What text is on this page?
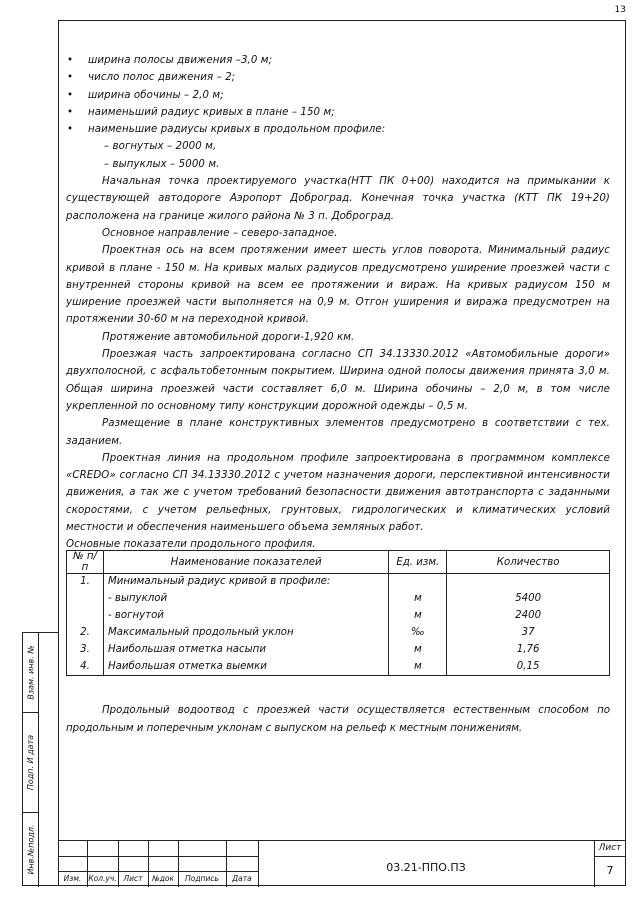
13
• ширина полосы движения –3,0 м;
• число полос движения – 2;
• ширина обочины – 2,0 м;
• наименьший радиус кривых в плане – 150 м;
• наименьшие радиусы кривых в продольном профиле:
– вогнутых – 2000 м,
– выпуклых – 5000 м.

Начальная точка проектируемого участка(НТТ ПК 0+00) находится на примыкании к существующей автодороге Аэропорт Доброград. Конечная точка участка (КТТ ПК 19+20) расположена на границе жилого района № 3 п. Доброград.

Основное направление – северо-западное.

Проектная ось на всем протяжении имеет шесть углов поворота. Минимальный радиус кривой в плане - 150 м. На кривых малых радиусов предусмотрено уширение проезжей части с внутренней стороны кривой на всем ее протяжении и вираж. На кривых радиусом 150 м уширение проезжей части выполняется на 0,9 м. Отгон уширения и виража предусмотрен на протяжении 30-60 м на переходной кривой.

Протяжение автомобильной дороги-1,920 км.

Проезжая часть запроектирована согласно СП 34.13330.2012 «Автомобильные дороги» двухполосной, с асфальтобетонным покрытием. Ширина одной полосы движения принята 3,0 м. Общая ширина проезжей части составляет 6,0 м. Ширина обочины – 2,0 м, в том числе укрепленной по основному типу конструкции дорожной одежды – 0,5 м.

Размещение в плане конструктивных элементов предусмотрено в соответствии с тех. заданием.

Проектная линия на продольном профиле запроектирована в программном комплексе «CREDO» согласно СП 34.13330.2012 с учетом назначения дороги, перспективной интенсивности движения, а так же с учетом требований безопасности движения автотранспорта с заданными скоростями, с учетом рельефных, грунтовых, гидрологических и климатических условий местности и обеспечения наименьшего объема земляных работ.

Основные показатели продольного профиля.

№ п/п	Наименование показателей	Ед. изм.	Количество
1.	Минимальный радиус кривой в профиле:		
	- выпуклой	м	5400
	- вогнутой	м	2400
2.	Максимальный продольный уклон	‰	37
3.	Наибольшая отметка насыпи	м	1,76
4.	Наибольшая отметка выемки	м	0,15
Продольный водоотвод с проезжей части осуществляется естественным способом по продольным и поперечным уклонам с выпуском на рельеф к местным понижениям.
Взам. инв. №
Подп. И дата
Инв.№подл.
Изм. Кол.уч. Лист	№док	Подпись	Дата
03.21-ППО.ПЗ
Лист
7
